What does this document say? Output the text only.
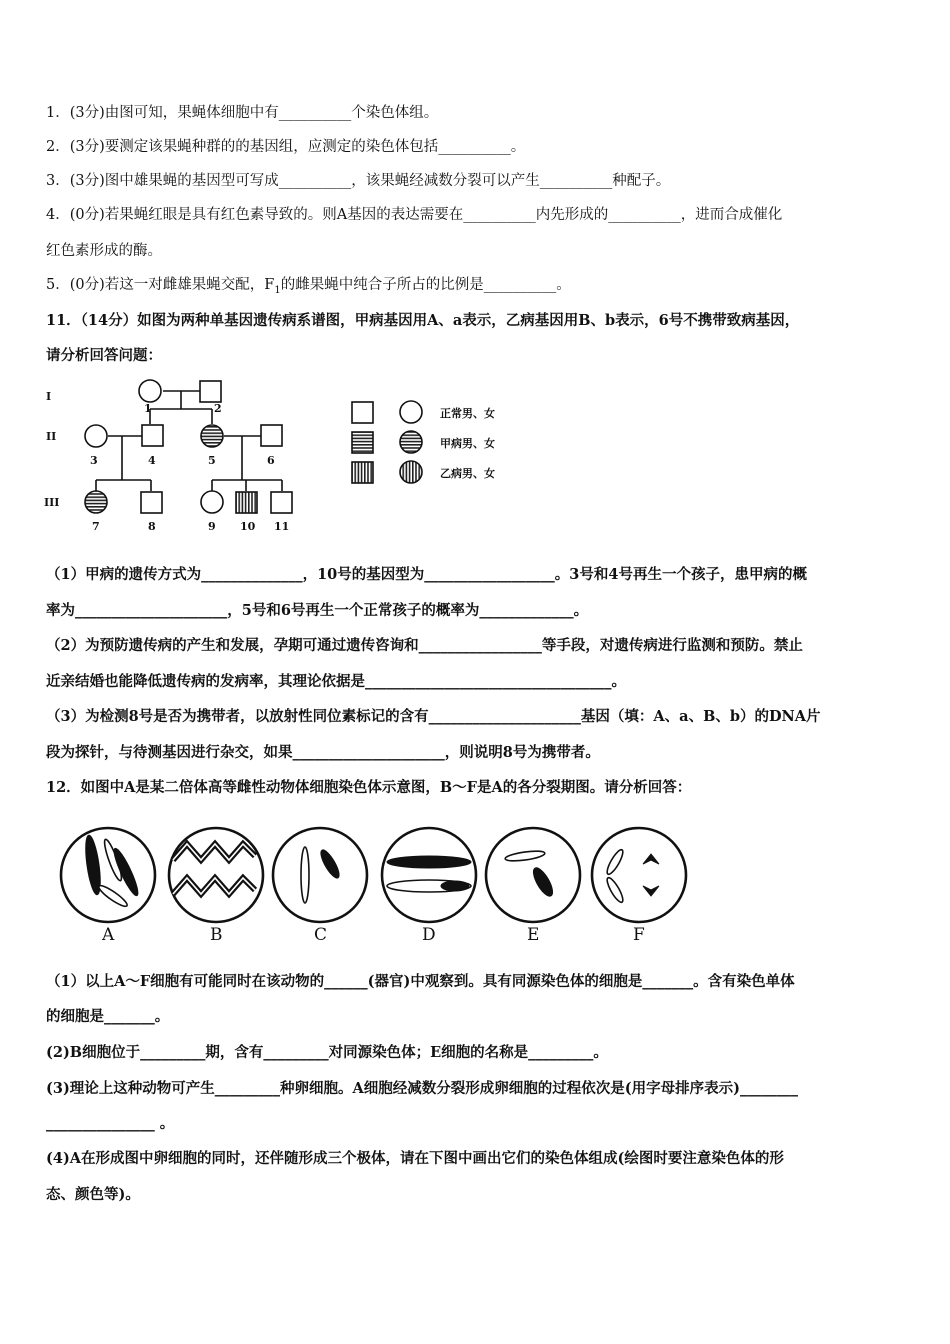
1．(3分)由图可知，果蝇体细胞中有__________个染色体组。
2．(3分)要测定该果蝇种群的的基因组，应测定的染色体包括__________。
3．(3分)图中雄果蝇的基因型可写成__________，该果蝇经减数分裂可以产生__________种配子。
4．(0分)若果蝇红眼是具有红色素导致的。则A基因的表达需要在__________内先形成的__________，进而合成催化
红色素形成的酶。
11．（14分）如图为两种单基因遗传病系谱图，甲病基因用A、a表示，乙病基因用B、b表示，6号不携带致病基因，
请分析回答问题：
（1）甲病的遗传方式为______________，10号的基因型为__________________。3号和4号再生一个孩子，患甲病的概
率为_____________________，5号和6号再生一个正常孩子的概率为_____________。
（2）为预防遗传病的产生和发展，孕期可通过遗传咨询和_________________等手段，对遗传病进行监测和预防。禁止
近亲结婚也能降低遗传病的发病率，其理论依据是__________________________________。
（3）为检测8号是否为携带者，以放射性同位素标记的含有_____________________基因（填：A、a、B、b）的DNA片
段为探针，与待测基因进行杂交，如果_____________________，则说明8号为携带者。
12．如图中A是某二倍体高等雌性动物体细胞染色体示意图，B～F是A的各分裂期图。请分析回答：
（1）以上A～F细胞有可能同时在该动物的______(器官)中观察到。具有同源染色体的细胞是_______。含有染色单体
的细胞是_______。
(2)B细胞位于_________期，含有_________对同源染色体；E细胞的名称是_________。
(3)理论上这种动物可产生_________种卵细胞。A细胞经减数分裂形成卵细胞的过程依次是(用字母排序表示)________
_______________ 。
(4)A在形成图中卵细胞的同时，还伴随形成三个极体，请在下图中画出它们的染色体组成(绘图时要注意染色体的形
态、颜色等)。
5．(0分)若这一对雌雄果蝇交配，$F_1$的雌果蝇中纯合子所占的比例是__________。
I
II
III
1	2
3	4	5	6
7	8	9 10 11
正常男、女
甲病男、女
乙病男、女
A	B	C	D	E	F
